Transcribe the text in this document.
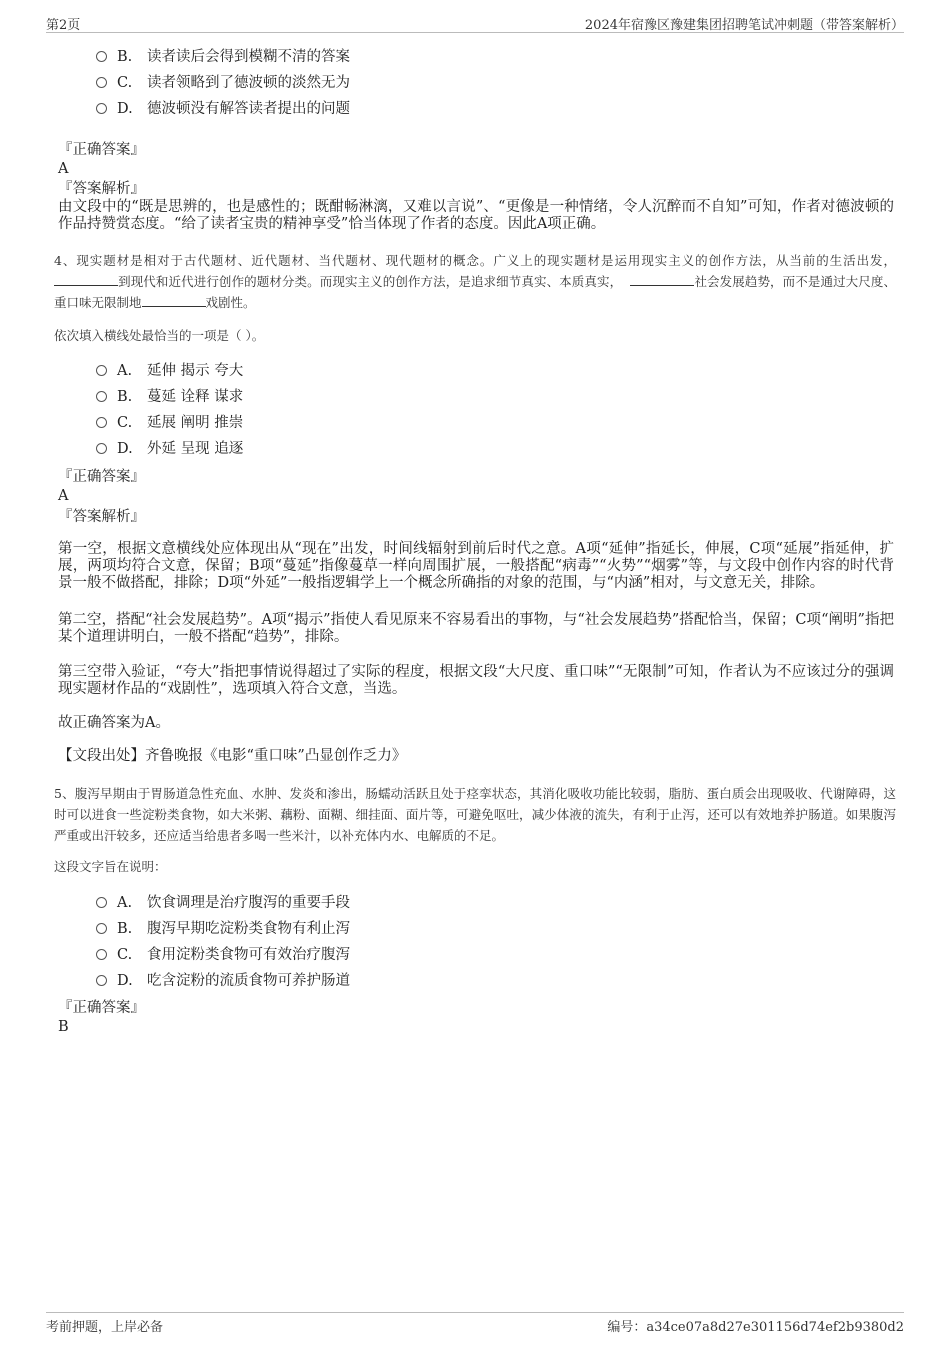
第2页	2024年宿豫区豫建集团招聘笔试冲刺题（带答案解析）
B. 读者读后会得到模糊不清的答案
C. 读者领略到了德波顿的淡然无为
D. 德波顿没有解答读者提出的问题
『正确答案』
A
『答案解析』
由文段中的“既是思辨的，也是感性的；既酣畅淋漓，又难以言说”、“更像是一种情绪，令人沉醉而不自知”可知，作者对德波顿的作品持赞赏态度。“给了读者宝贵的精神享受”恰当体现了作者的态度。因此A项正确。
4、现实题材是相对于古代题材、近代题材、当代题材、现代题材的概念。广义上的现实题材是运用现实主义的创作方法，从当前的生活出发，到现代和近代进行创作的题材分类。而现实主义的创作方法，是追求细节真实、本质真实，	社会发展趋势，而不是通过大尺度、重口味无限制地	戏剧性。
依次填入横线处最恰当的一项是（ ）。
A. 延伸 揭示 夸大
B. 蔓延 诠释 谋求
C. 延展 阐明 推崇
D. 外延 呈现 追逐
『正确答案』
A
『答案解析』
第一空，根据文意横线处应体现出从“现在”出发，时间线辐射到前后时代之意。A项“延伸”指延长，伸展，C项“延展”指延伸，扩展，两项均符合文意，保留；B项“蔓延”指像蔓草一样向周围扩展，一般搭配“病毒”“火势”“烟雾”等，与文段中创作内容的时代背景一般不做搭配，排除；D项“外延”一般指逻辑学上一个概念所确指的对象的范围，与“内涵”相对，与文意无关，排除。
第二空，搭配“社会发展趋势”。A项“揭示”指使人看见原来不容易看出的事物，与“社会发展趋势”搭配恰当，保留；C项“阐明”指把某个道理讲明白，一般不搭配“趋势”，排除。
第三空带入验证，“夸大”指把事情说得超过了实际的程度，根据文段“大尺度、重口味”“无限制”可知，作者认为不应该过分的强调现实题材作品的“戏剧性”，选项填入符合文意，当选。
故正确答案为A。
【文段出处】齐鲁晚报《电影“重口味”凸显创作乏力》
5、腹泻早期由于胃肠道急性充血、水肿、发炎和渗出，肠蠕动活跃且处于痉挛状态，其消化吸收功能比较弱，脂肪、蛋白质会出现吸收、代谢障碍，这时可以进食一些淀粉类食物，如大米粥、藕粉、面糊、细挂面、面片等，可避免呕吐，减少体液的流失，有利于止泻，还可以有效地养护肠道。如果腹泻严重或出汗较多，还应适当给患者多喝一些米汁，以补充体内水、电解质的不足。
这段文字旨在说明：
A. 饮食调理是治疗腹泻的重要手段
B. 腹泻早期吃淀粉类食物有利止泻
C. 食用淀粉类食物可有效治疗腹泻
D. 吃含淀粉的流质食物可养护肠道
『正确答案』
B
考前押题，上岸必备	编号：a34ce07a8d27e301156d74ef2b9380d2
